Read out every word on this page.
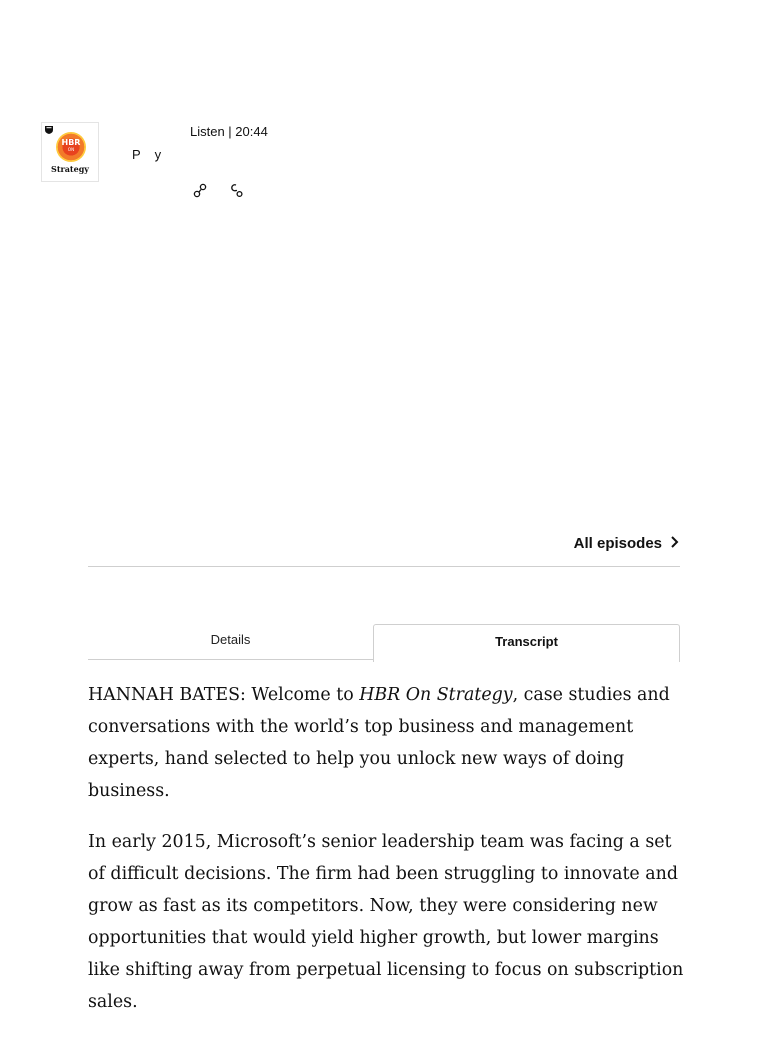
HBR
ON
Strategy
Listen | 20:44
P y
All episodes
Details	Transcript

HANNAH BATES: Welcome to HBR On Strategy, case studies and conversations with the world’s top business and management experts, hand selected to help you unlock new ways of doing business.

In early 2015, Microsoft’s senior leadership team was facing a set of difficult decisions. The firm had been struggling to innovate and grow as fast as its competitors. Now, they were considering new opportunities that would yield higher growth, but lower margins like shifting away from perpetual licensing to focus on subscription sales.
